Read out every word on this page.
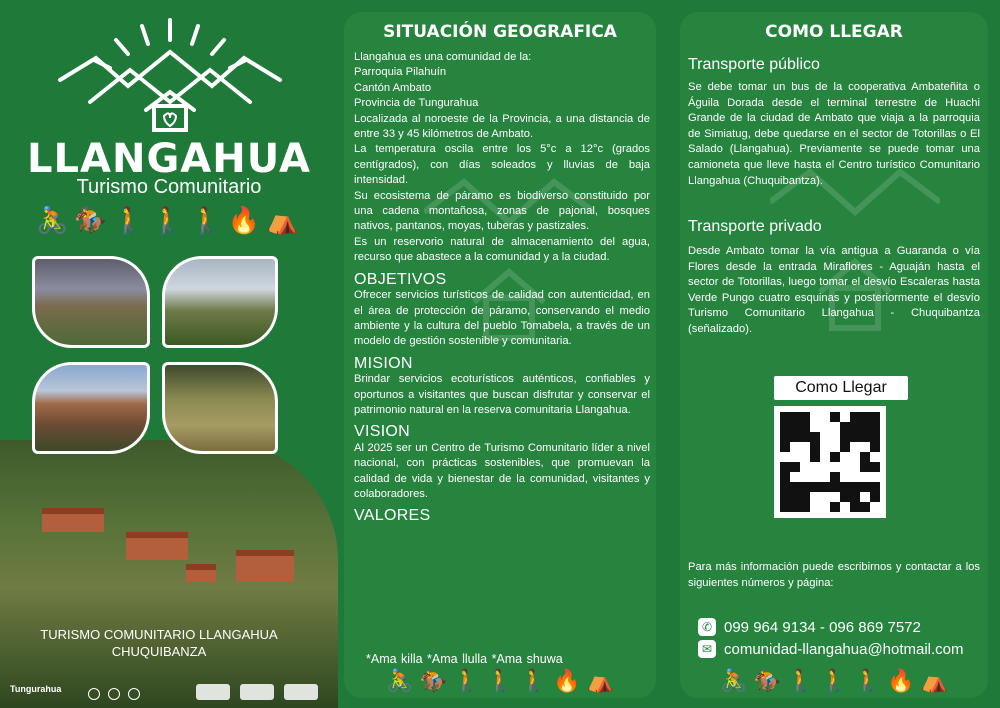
LLANGAHUA
Turismo Comunitario
🚴 🏇 🚶 🚶 🚶 🔥 ⛺
TURISMO COMUNITARIO LLANGAHUA
CHUQUIBANZA
Tungurahua
SITUACIÓN GEOGRAFICA

Llangahua es una comunidad de la:

Parroquia Pilahuín

Cantón Ambato

Provincia de Tungurahua

Localizada al noroeste de la Provincia, a una distancia de entre 33 y 45 kilómetros de Ambato.

La temperatura oscila entre los 5°c a 12°c (grados centígrados), con días soleados y lluvias de baja intensidad.

Su ecosistema de páramo es biodiverso constituido por una cadena montañosa, zonas de pajonal, bosques nativos, pantanos, moyas, tuberas y pastizales.

Es un reservorio natural de almacenamiento del agua, recurso que abastece a la comunidad y a la ciudad.

OBJETIVOS

Ofrecer servicios turísticos de calidad con autenticidad, en el área de protección de páramo, conservando el medio ambiente y la cultura del pueblo Tomabela, a través de un modelo de gestión sostenible y comunitaria.

MISION

Brindar servicios ecoturísticos auténticos, confiables y oportunos a visitantes que buscan disfrutar y conservar el patrimonio natural en la reserva comunitaria Llangahua.

VISION

Al 2025 ser un Centro de Turismo Comunitario líder a nivel nacional, con prácticas sostenibles, que promuevan la calidad de vida y bienestar de la comunidad, visitantes y colaboradores.

VALORES
*Ama killa *Ama llulla *Ama shuwa
🚴 🏇 🚶 🚶 🚶 🔥 ⛺
COMO LLEGAR
Transporte público
Se debe tomar un bus de la cooperativa Ambateñita o Águila Dorada desde el terminal terrestre de Huachi Grande de la ciudad de Ambato que viaja a la parroquia de Simiatug, debe quedarse en el sector de Totorillas o El Salado (Llangahua). Previamente se puede tomar una camioneta que lleve hasta el Centro turístico Comunitario Llangahua (Chuquibantza).
Transporte privado
Desde Ambato tomar la vía antigua a Guaranda o vía Flores desde la entrada Miraflores - Aguaján hasta el sector de Totorillas, luego tomar el desvío Escaleras hasta Verde Pungo cuatro esquinas y posteriormente el desvío Turismo Comunitario Llangahua - Chuquibantza (señalizado).
Como Llegar
Para más información puede escribirnos y contactar a los siguientes números y página:
✆ 099 964 9134 - 096 869 7572
✉ comunidad-llangahua@hotmail.com
🚴 🏇 🚶 🚶 🚶 🔥 ⛺
